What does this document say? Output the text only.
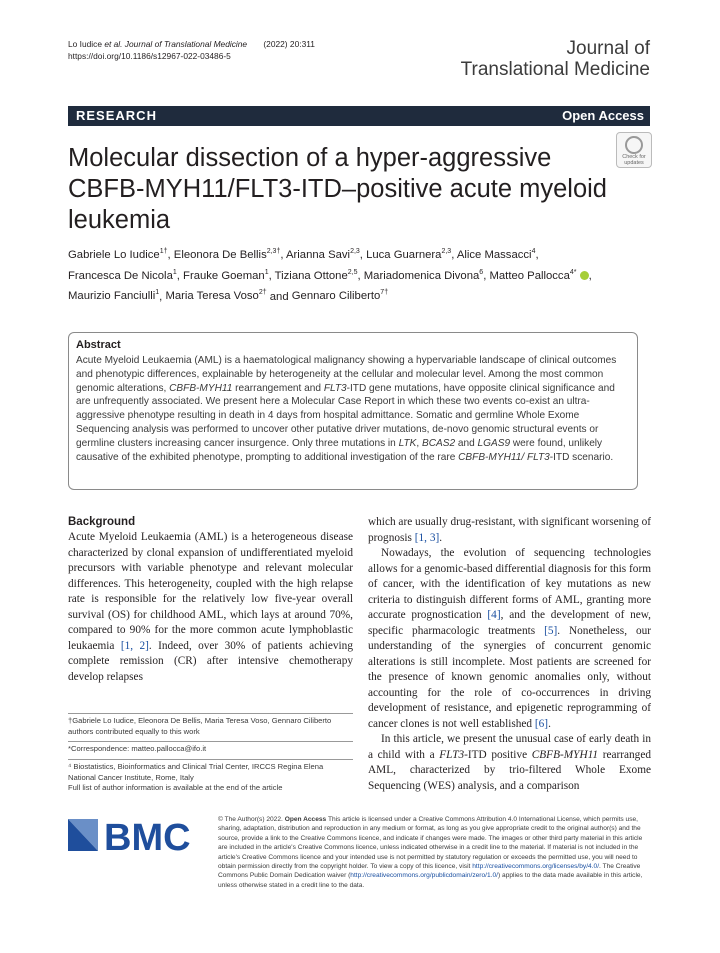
Lo Iudice et al. Journal of Translational Medicine (2022) 20:311
https://doi.org/10.1186/s12967-022-03486-5	Journal of
Translational Medicine
RESEARCH	Open Access
Check for
updates
Molecular dissection of a hyper-aggressive CBFB-MYH11/FLT3-ITD–positive acute myeloid leukemia
Gabriele Lo Iudice$^{1\dagger}$, Eleonora De Bellis$^{2,3\dagger}$, Arianna Savi$^{2,3}$, Luca Guarnera$^{2,3}$, Alice Massacci$^4$,
Francesca De Nicola$^1$, Frauke Goeman$^1$, Tiziana Ottone$^{2,5}$, Mariadomenica Divona$^6$, Matteo Pallocca$^{4*}$ ,
Maurizio Fanciulli$^1$, Maria Teresa Voso$^{2\dagger}$ and Gennaro Ciliberto$^{7\dagger}$
Abstract

Acute Myeloid Leukaemia (AML) is a haematological malignancy showing a hypervariable landscape of clinical outcomes and phenotypic differences, explainable by heterogeneity at the cellular and molecular level. Among the most common genomic alterations, CBFB-MYH11 rearrangement and FLT3-ITD gene mutations, have opposite clinical significance and are unfrequently associated. We present here a Molecular Case Report in which these two events co-exist an ultra-aggressive phenotype resulting in death in 4 days from hospital admittance. Somatic and germline Whole Exome Sequencing analysis was performed to uncover other putative driver mutations, de-novo genomic structural events or germline clusters increasing cancer insurgence. Only three mutations in LTK, BCAS2 and LGAS9 were found, unlikely causative of the exhibited phenotype, prompting to additional investigation of the rare CBFB-MYH11/ FLT3-ITD scenario.

Background

Acute Myeloid Leukaemia (AML) is a heterogeneous disease characterized by clonal expansion of undifferentiated myeloid precursors with variable phenotype and relevant molecular differences. This heterogeneity, coupled with the high relapse rate is responsible for the relatively low five-year overall survival (OS) for childhood AML, which lays at around 70%, compared to 90% for the more common acute lymphoblastic leukaemia [1, 2]. Indeed, over 30% of patients achieving complete remission (CR) after intensive chemotherapy develop relapses

†Gabriele Lo Iudice, Eleonora De Bellis, Maria Teresa Voso, Gennaro Ciliberto authors contributed equally to this work
*Correspondence: matteo.pallocca@ifo.it
⁴ Biostatistics, Bioinformatics and Clinical Trial Center, IRCCS Regina Elena National Cancer Institute, Rome, Italy
Full list of author information is available at the end of the article

which are usually drug-resistant, with significant worsening of prognosis [1, 3].

Nowadays, the evolution of sequencing technologies allows for a genomic-based differential diagnosis for this form of cancer, with the identification of key mutations as new criteria to distinguish different forms of AML, granting more accurate prognostication [4], and the development of new, specific pharmacologic treatments [5]. Nonetheless, our understanding of the synergies of concurrent genomic alterations is still incomplete. Most patients are screened for the presence of known genomic anomalies only, without accounting for the role of co-occurrences in driving development of resistance, and epigenetic reprogramming of cancer clones is not well established [6].

In this article, we present the unusual case of early death in a child with a FLT3-ITD positive CBFB-MYH11 rearranged AML, characterized by trio-filtered Whole Exome Sequencing (WES) analysis, and a comparison

BMC	© The Author(s) 2022. Open Access This article is licensed under a Creative Commons Attribution 4.0 International License, which permits use, sharing, adaptation, distribution and reproduction in any medium or format, as long as you give appropriate credit to the original author(s) and the source, provide a link to the Creative Commons licence, and indicate if changes were made. The images or other third party material in this article are included in the article's Creative Commons licence, unless indicated otherwise in a credit line to the material. If material is not included in the article's Creative Commons licence and your intended use is not permitted by statutory regulation or exceeds the permitted use, you will need to obtain permission directly from the copyright holder. To view a copy of this licence, visit http://creativecommons.org/licenses/by/4.0/. The Creative Commons Public Domain Dedication waiver (http://creativecommons.org/publicdomain/zero/1.0/) applies to the data made available in this article, unless otherwise stated in a credit line to the data.
